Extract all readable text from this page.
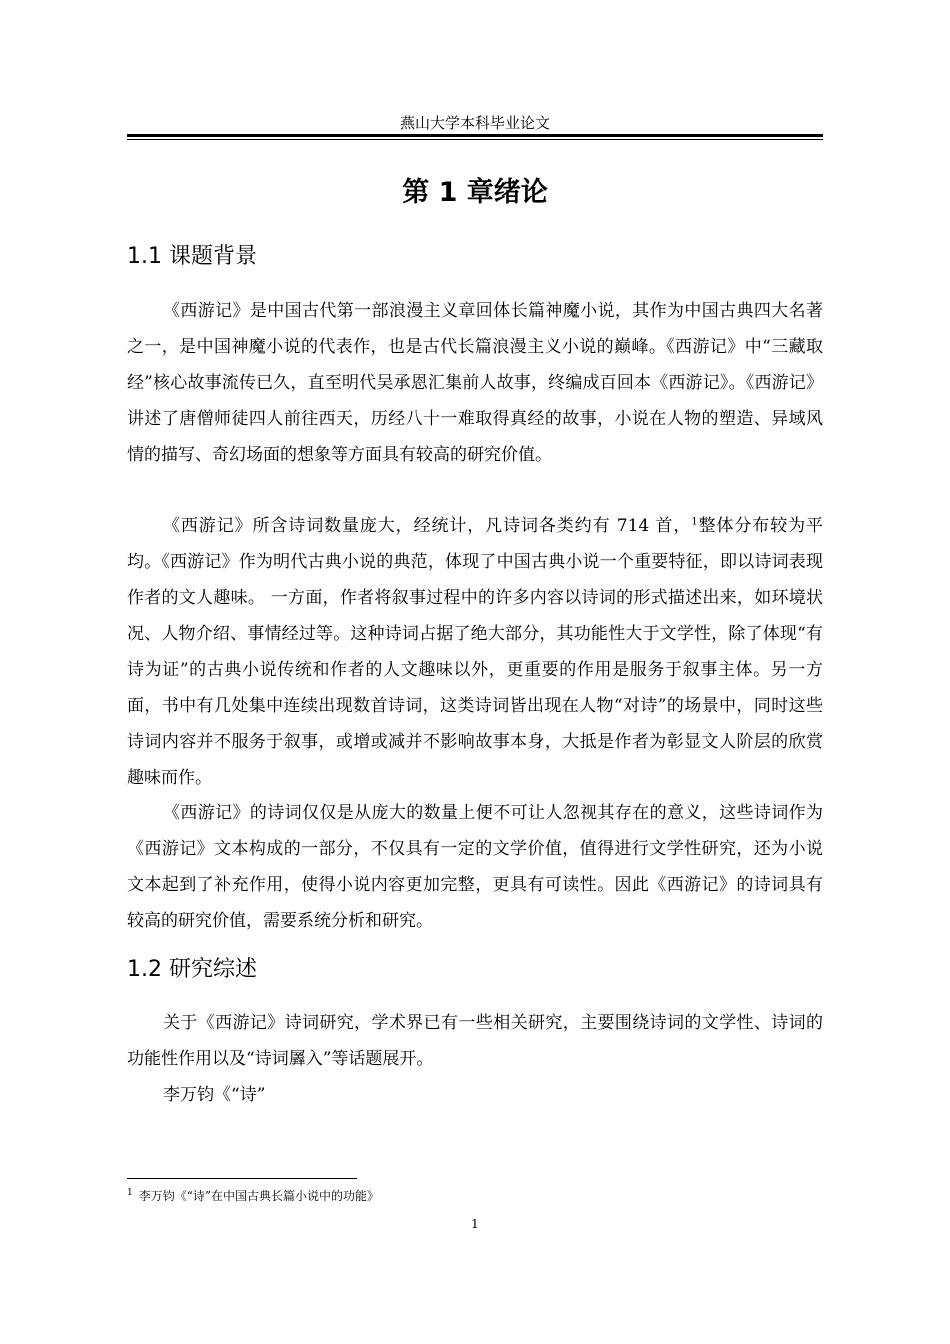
燕山大学本科毕业论文
第 1 章绪论
1.1 课题背景

《西游记》是中国古代第一部浪漫主义章回体长篇神魔小说，其作为中国古典四大名著之一，是中国神魔小说的代表作，也是古代长篇浪漫主义小说的巅峰。《西游记》中“三藏取经”核心故事流传已久，直至明代吴承恩汇集前人故事，终编成百回本《西游记》。《西游记》讲述了唐僧师徒四人前往西天，历经八十一难取得真经的故事，小说在人物的塑造、异域风情的描写、奇幻场面的想象等方面具有较高的研究价值。

《西游记》所含诗词数量庞大，经统计，凡诗词各类约有 714 首，$^1$整体分布较为平均。《西游记》作为明代古典小说的典范，体现了中国古典小说一个重要特征，即以诗词表现作者的文人趣味。 一方面，作者将叙事过程中的许多内容以诗词的形式描述出来，如环境状况、人物介绍、事情经过等。这种诗词占据了绝大部分，其功能性大于文学性，除了体现“有诗为证”的古典小说传统和作者的人文趣味以外，更重要的作用是服务于叙事主体。另一方面，书中有几处集中连续出现数首诗词，这类诗词皆出现在人物“对诗”的场景中，同时这些诗词内容并不服务于叙事，或增或减并不影响故事本身，大抵是作者为彰显文人阶层的欣赏趣味而作。

《西游记》的诗词仅仅是从庞大的数量上便不可让人忽视其存在的意义，这些诗词作为《西游记》文本构成的一部分，不仅具有一定的文学价值，值得进行文学性研究，还为小说文本起到了补充作用，使得小说内容更加完整，更具有可读性。因此《西游记》的诗词具有较高的研究价值，需要系统分析和研究。

1.2 研究综述

关于《西游记》诗词研究，学术界已有一些相关研究，主要围绕诗词的文学性、诗词的功能性作用以及“诗词羼入”等话题展开。

李万钧《“诗”

$^1$ 李万钧《“诗”在中国古典长篇小说中的功能》
1
